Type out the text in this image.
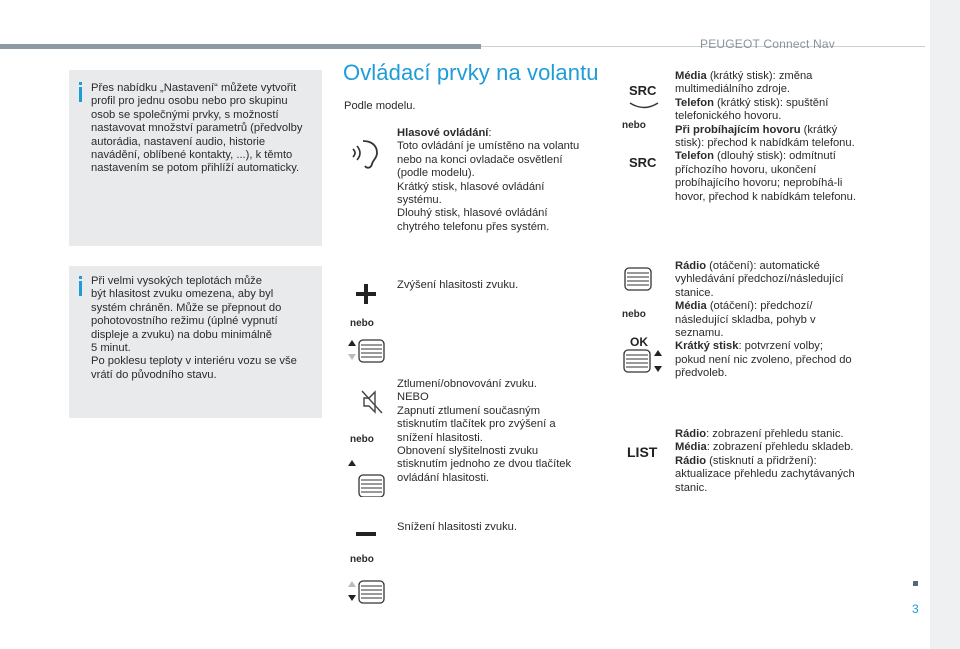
PEUGEOT Connect Nav
3
Přes nabídku „Nastavení“ můžete vytvořit
profil pro jednu osobu nebo pro skupinu
osob se společnými prvky, s možností
nastavovat množství parametrů (předvolby
autorádia, nastavení audio, historie
navádění, oblíbené kontakty, ...), k těmto
nastavením se potom přihlíží automaticky.
Při velmi vysokých teplotách může
být hlasitost zvuku omezena, aby byl
systém chráněn. Může se přepnout do
pohotovostního režimu (úplné vypnutí
displeje a zvuku) na dobu minimálně
5 minut.
Po poklesu teploty v interiéru vozu se vše
vrátí do původního stavu.
Ovládací prvky na volantu
Podle modelu.
Hlasové ovládání:
Toto ovládání je umístěno na volantu
nebo na konci ovladače osvětlení
(podle modelu).
Krátký stisk, hlasové ovládání
systému.
Dlouhý stisk, hlasové ovládání
chytrého telefonu přes systém.
nebo
Zvýšení hlasitosti zvuku.
nebo
Ztlumení/obnovování zvuku.
NEBO
Zapnutí ztlumení současným
stisknutím tlačítek pro zvýšení a
snížení hlasitosti.
Obnovení slyšitelnosti zvuku
stisknutím jednoho ze dvou tlačítek
ovládání hlasitosti.
nebo
Snížení hlasitosti zvuku.
SRC
nebo
SRC
Média (krátký stisk): změna
multimediálního zdroje.
Telefon (krátký stisk): spuštění
telefonického hovoru.
Při probíhajícím hovoru (krátký
stisk): přechod k nabídkám telefonu.
Telefon (dlouhý stisk): odmítnutí
příchozího hovoru, ukončení
probíhajícího hovoru; neprobíhá-li
hovor, přechod k nabídkám telefonu.
nebo
OK
Rádio (otáčení): automatické
vyhledávání předchozí/následující
stanice.
Média (otáčení): předchozí/
následující skladba, pohyb v
seznamu.
Krátký stisk: potvrzení volby;
pokud není nic zvoleno, přechod do
předvoleb.
LIST
Rádio: zobrazení přehledu stanic.
Média: zobrazení přehledu skladeb.
Rádio (stisknutí a přidržení):
aktualizace přehledu zachytávaných
stanic.
